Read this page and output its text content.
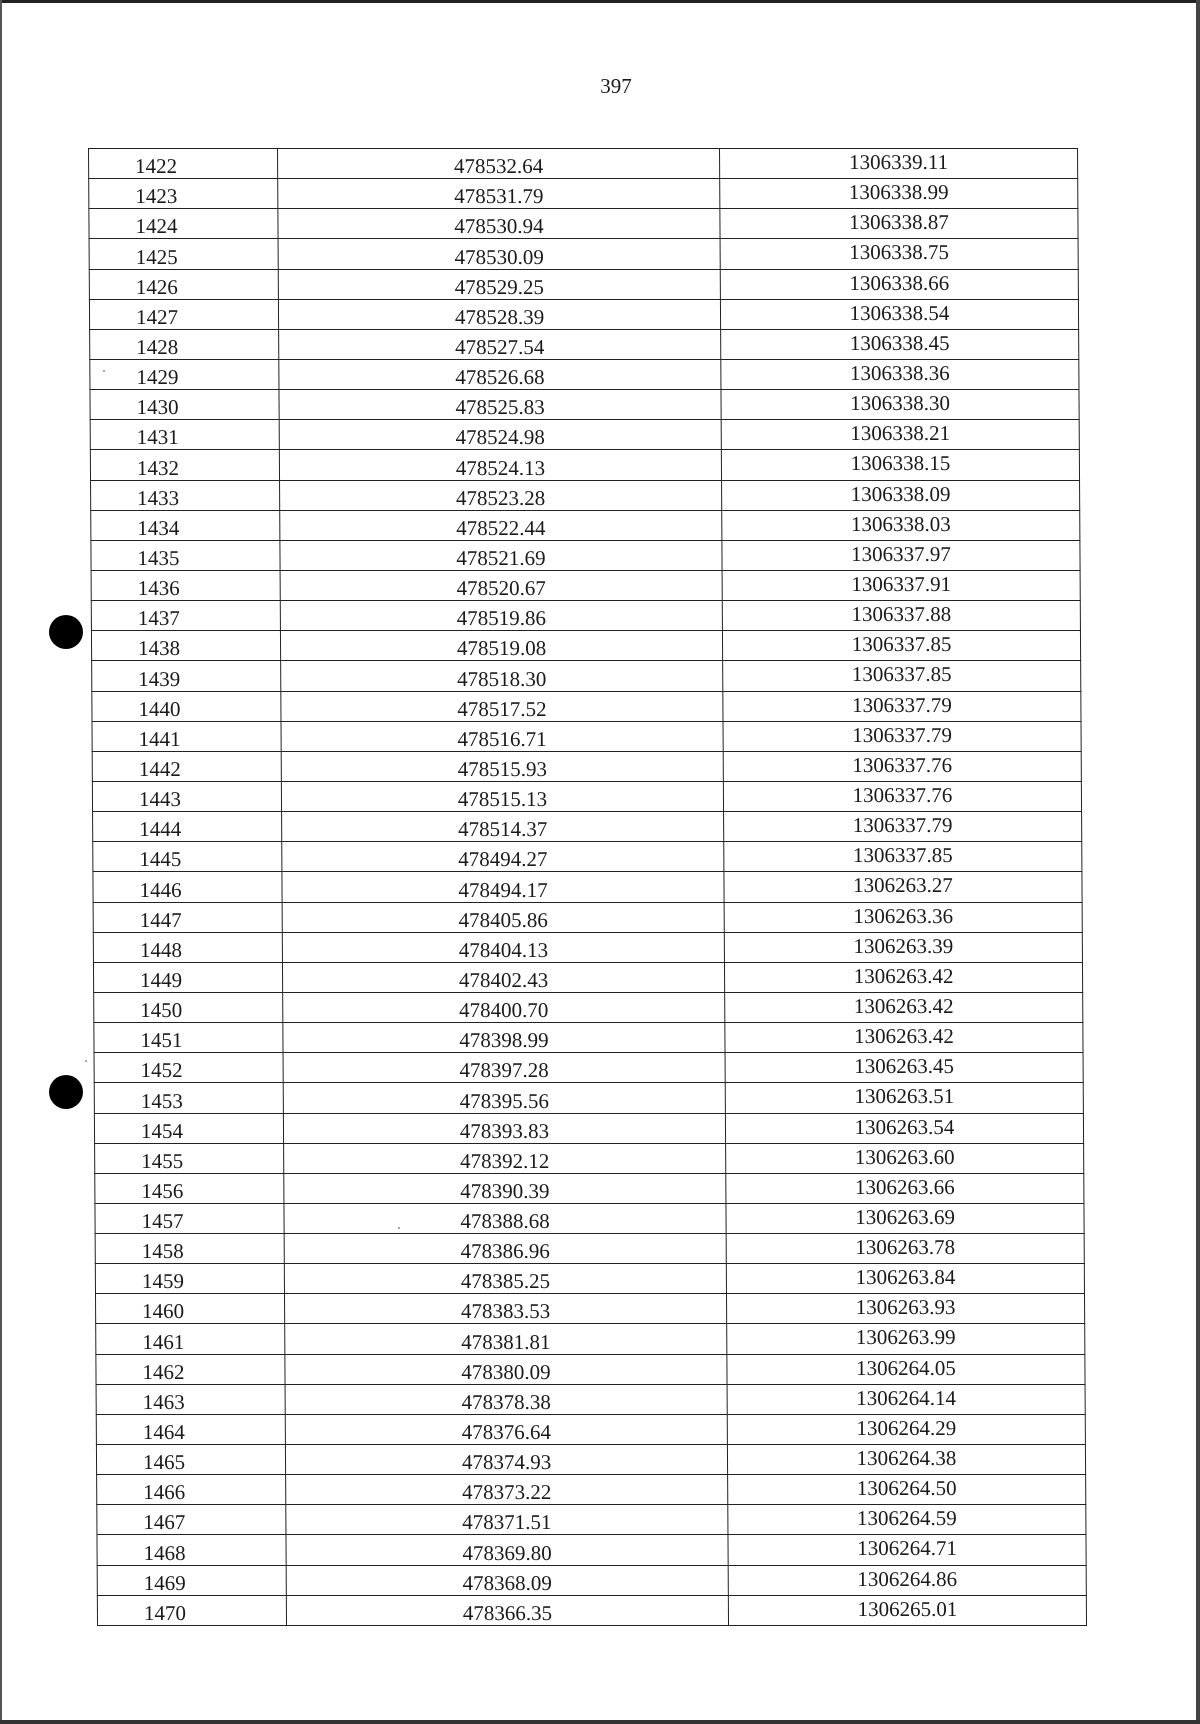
397
1422	478532.64	1306339.11
1423	478531.79	1306338.99
1424	478530.94	1306338.87
1425	478530.09	1306338.75
1426	478529.25	1306338.66
1427	478528.39	1306338.54
1428	478527.54	1306338.45
1429	478526.68	1306338.36
1430	478525.83	1306338.30
1431	478524.98	1306338.21
1432	478524.13	1306338.15
1433	478523.28	1306338.09
1434	478522.44	1306338.03
1435	478521.69	1306337.97
1436	478520.67	1306337.91
1437	478519.86	1306337.88
1438	478519.08	1306337.85
1439	478518.30	1306337.85
1440	478517.52	1306337.79
1441	478516.71	1306337.79
1442	478515.93	1306337.76
1443	478515.13	1306337.76
1444	478514.37	1306337.79
1445	478494.27	1306337.85
1446	478494.17	1306263.27
1447	478405.86	1306263.36
1448	478404.13	1306263.39
1449	478402.43	1306263.42
1450	478400.70	1306263.42
1451	478398.99	1306263.42
1452	478397.28	1306263.45
1453	478395.56	1306263.51
1454	478393.83	1306263.54
1455	478392.12	1306263.60
1456	478390.39	1306263.66
1457	478388.68	1306263.69
1458	478386.96	1306263.78
1459	478385.25	1306263.84
1460	478383.53	1306263.93
1461	478381.81	1306263.99
1462	478380.09	1306264.05
1463	478378.38	1306264.14
1464	478376.64	1306264.29
1465	478374.93	1306264.38
1466	478373.22	1306264.50
1467	478371.51	1306264.59
1468	478369.80	1306264.71
1469	478368.09	1306264.86
1470	478366.35	1306265.01
